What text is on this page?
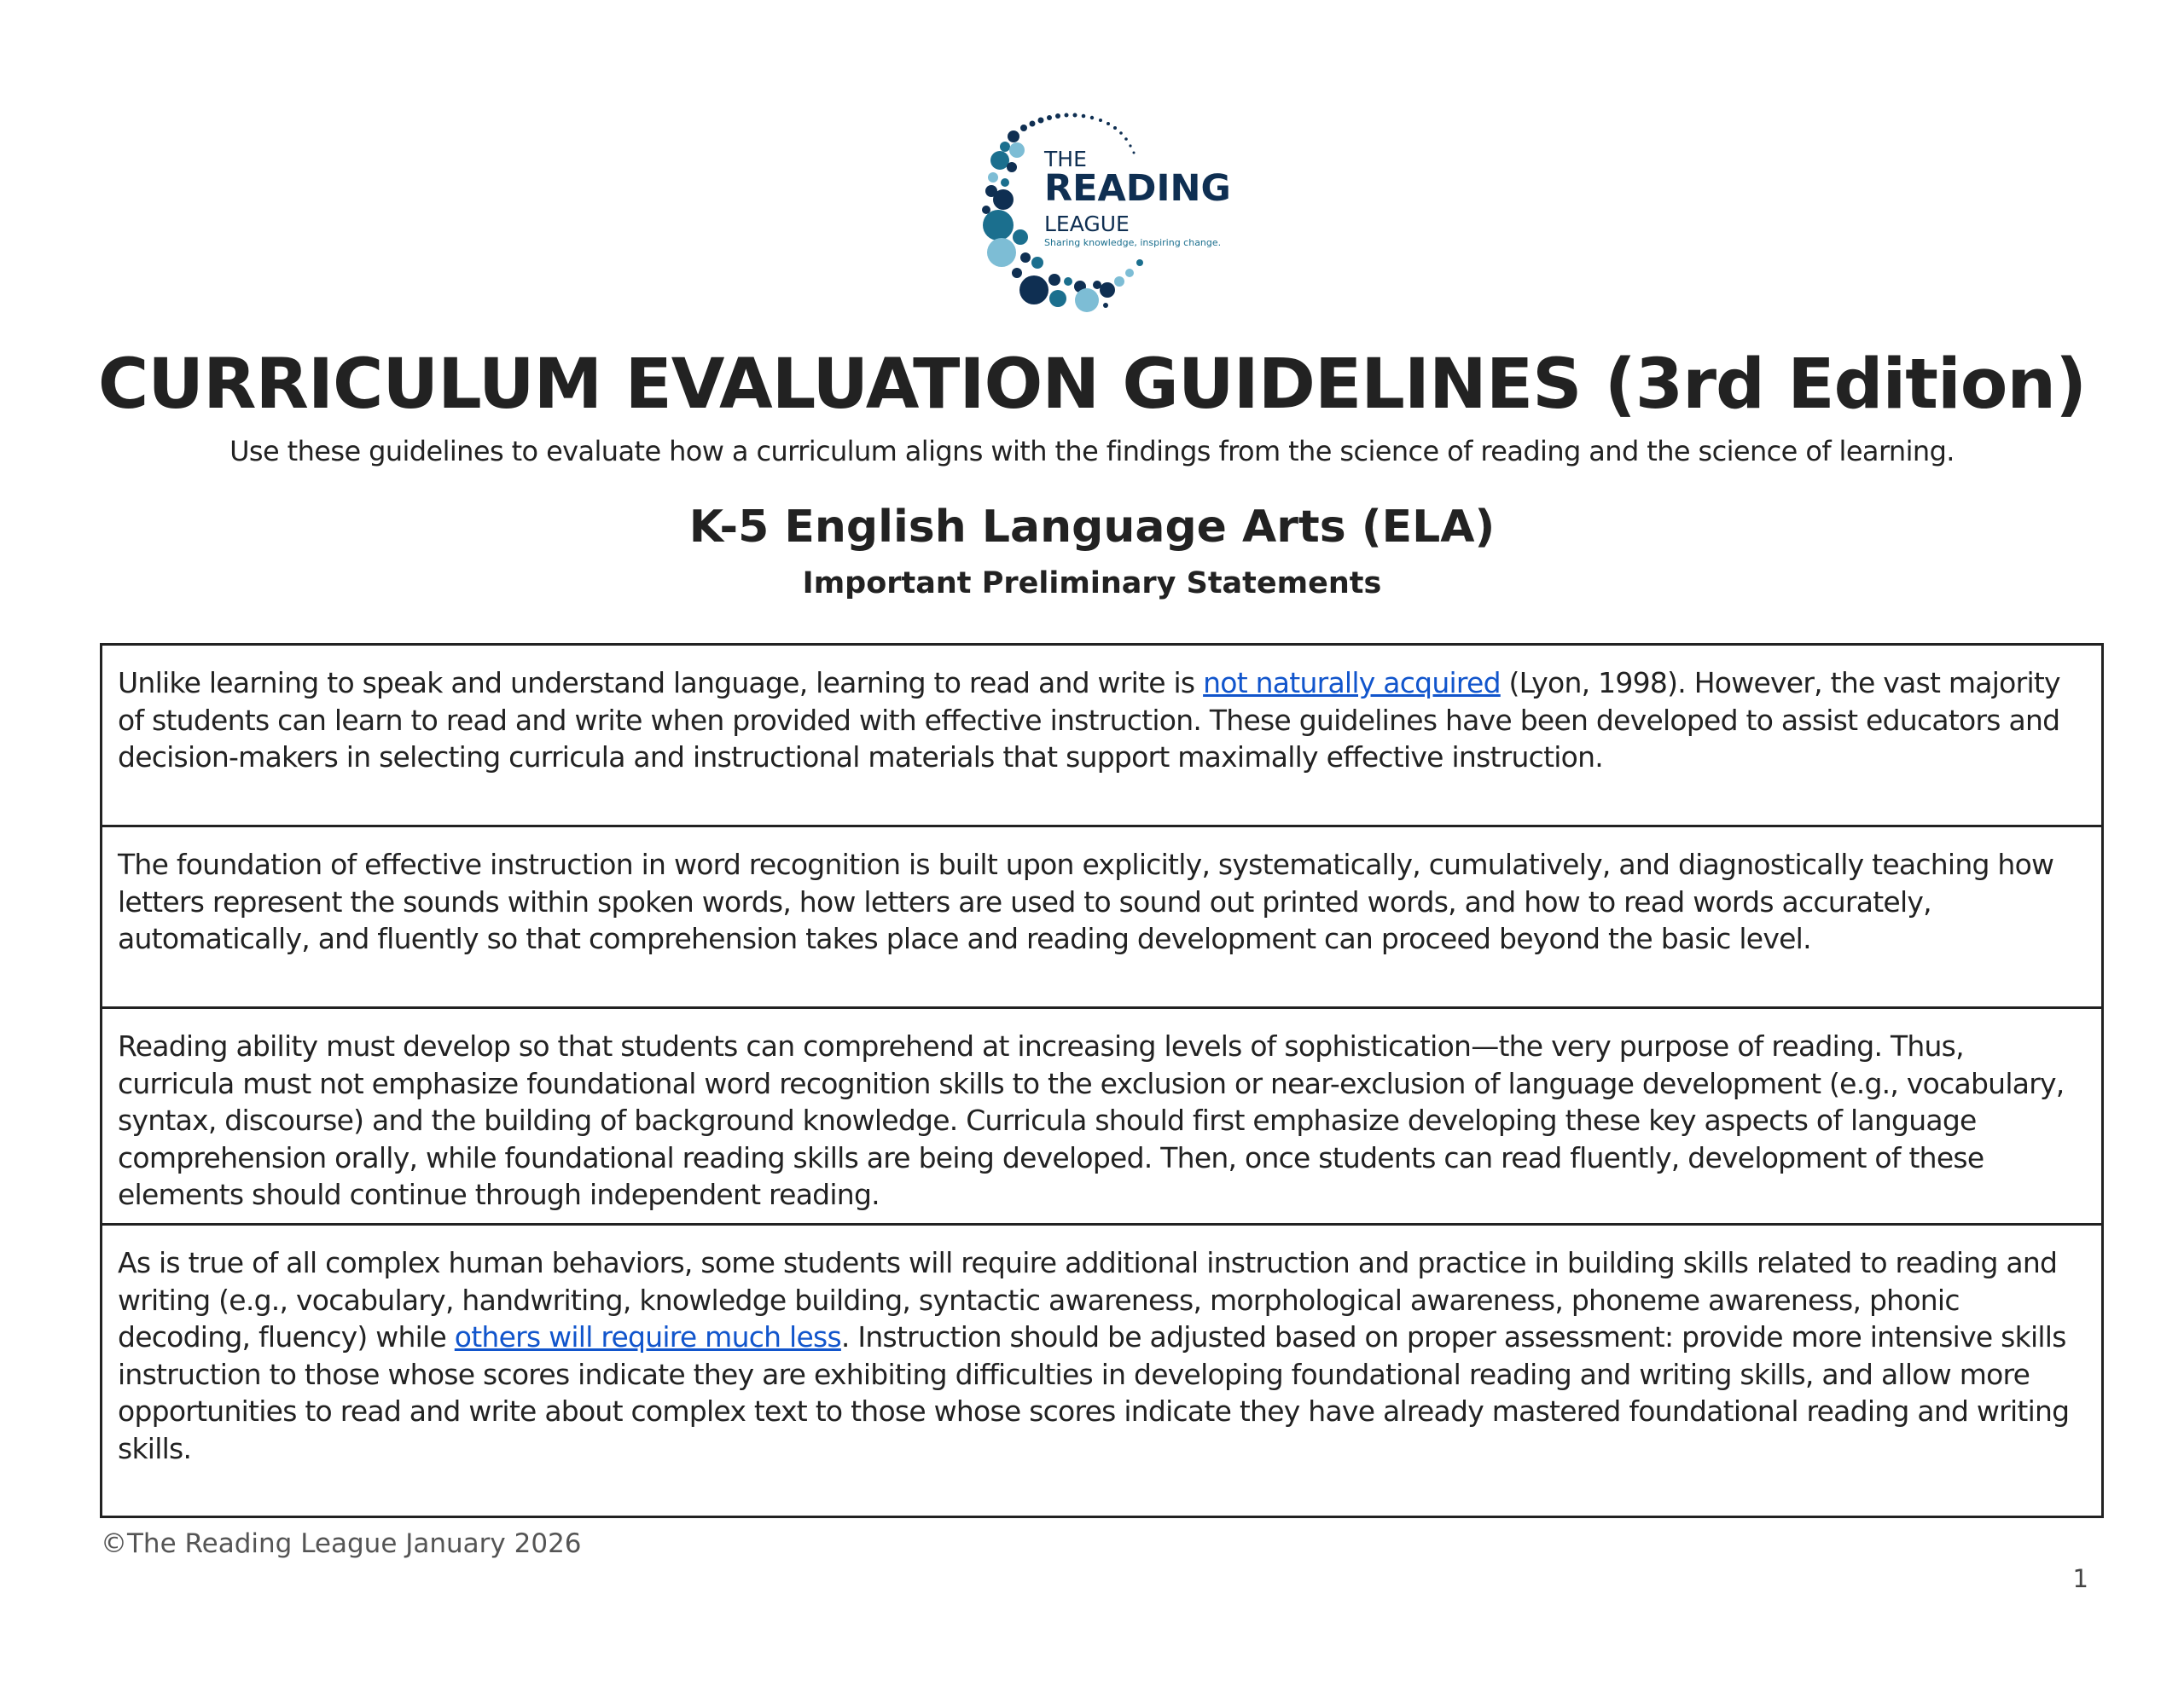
THE
READING
LEAGUE
Sharing knowledge, inspiring change.
CURRICULUM EVALUATION GUIDELINES (3rd Edition)
Use these guidelines to evaluate how a curriculum aligns with the findings from the science of reading and the science of learning.
K-5 English Language Arts (ELA)
Important Preliminary Statements
Unlike learning to speak and understand language, learning to read and write is not naturally acquired (Lyon, 1998). However, the vast majority of students can learn to read and write when provided with effective instruction. These guidelines have been developed to assist educators and decision-makers in selecting curricula and instructional materials that support maximally effective instruction.
The foundation of effective instruction in word recognition is built upon explicitly, systematically, cumulatively, and diagnostically teaching how letters represent the sounds within spoken words, how letters are used to sound out printed words, and how to read words accurately, automatically, and fluently so that comprehension takes place and reading development can proceed beyond the basic level.
Reading ability must develop so that students can comprehend at increasing levels of sophistication—the very purpose of reading. Thus, curricula must not emphasize foundational word recognition skills to the exclusion or near-exclusion of language development (e.g., vocabulary, syntax, discourse) and the building of background knowledge. Curricula should first emphasize developing these key aspects of language comprehension orally, while foundational reading skills are being developed. Then, once students can read fluently, development of these elements should continue through independent reading.
As is true of all complex human behaviors, some students will require additional instruction and practice in building skills related to reading and writing (e.g., vocabulary, handwriting, knowledge building, syntactic awareness, morphological awareness, phoneme awareness, phonic decoding, fluency) while others will require much less. Instruction should be adjusted based on proper assessment: provide more intensive skills instruction to those whose scores indicate they are exhibiting difficulties in developing foundational reading and writing skills, and allow more opportunities to read and write about complex text to those whose scores indicate they have already mastered foundational reading and writing skills.
©The Reading League January 2026
1
